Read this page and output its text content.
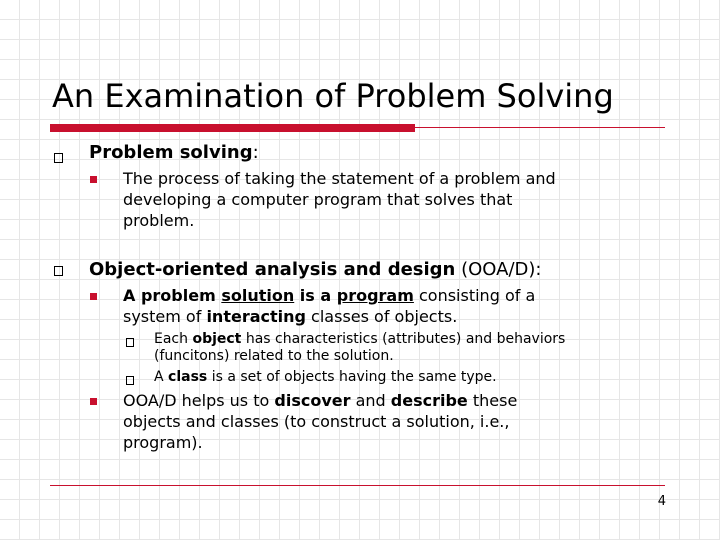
An Examination of Problem Solving
Problem solving:
The process of taking the statement of a problem and
developing a computer program that solves that
problem.
Object-oriented analysis and design (OOA/D):
A problem solution is a program consisting of a
system of interacting classes of objects.
Each object has characteristics (attributes) and behaviors
(funcitons) related to the solution.
A class is a set of objects having the same type.
OOA/D helps us to discover and describe these
objects and classes (to construct a solution, i.e.,
program).
4
